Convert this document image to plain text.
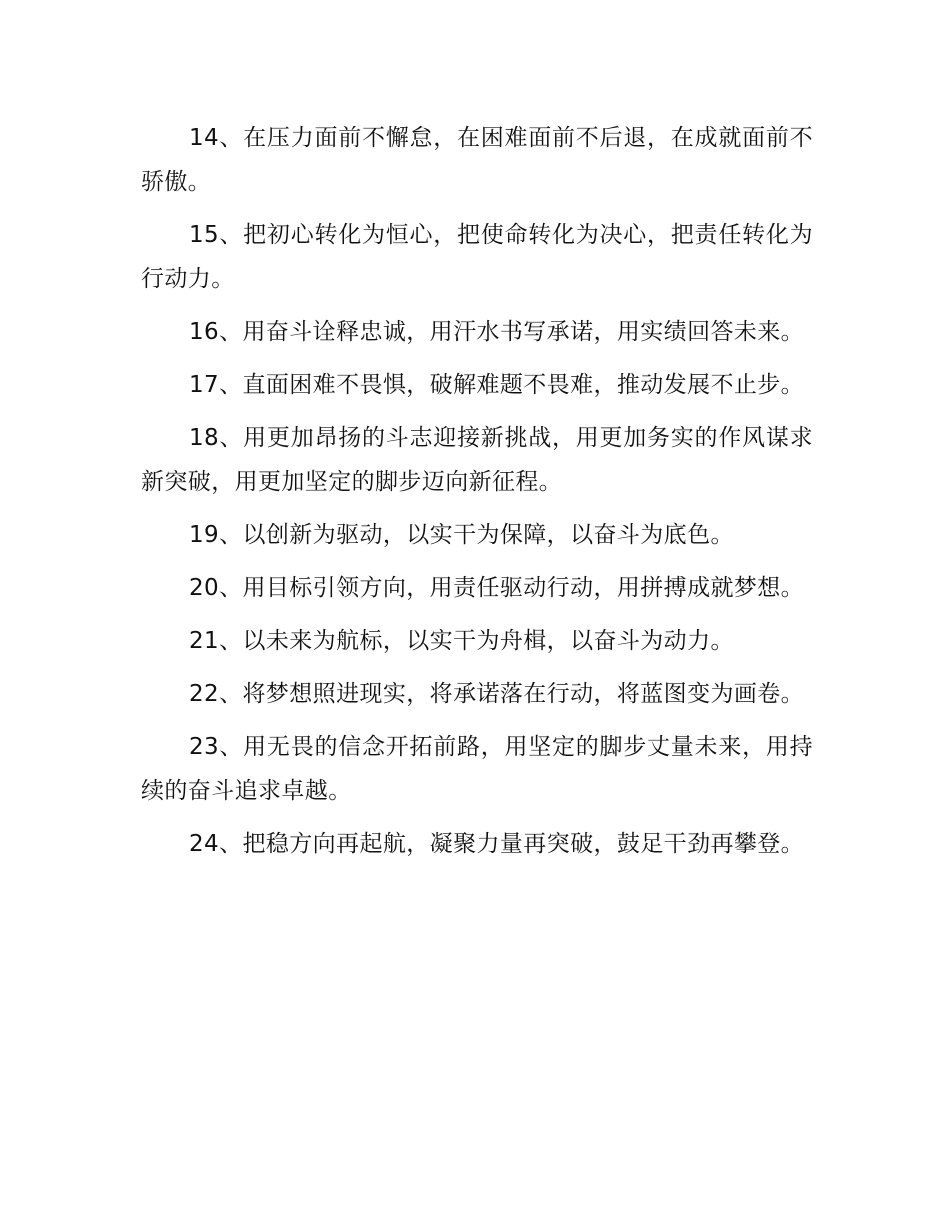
14、在压力面前不懈怠，在困难面前不后退，在成就面前不骄傲。

15、把初心转化为恒心，把使命转化为决心，把责任转化为行动力。

16、用奋斗诠释忠诚，用汗水书写承诺，用实绩回答未来。

17、直面困难不畏惧，破解难题不畏难，推动发展不止步。

18、用更加昂扬的斗志迎接新挑战，用更加务实的作风谋求新突破，用更加坚定的脚步迈向新征程。

19、以创新为驱动，以实干为保障，以奋斗为底色。

20、用目标引领方向，用责任驱动行动，用拼搏成就梦想。

21、以未来为航标，以实干为舟楫，以奋斗为动力。

22、将梦想照进现实，将承诺落在行动，将蓝图变为画卷。

23、用无畏的信念开拓前路，用坚定的脚步丈量未来，用持续的奋斗追求卓越。

24、把稳方向再起航，凝聚力量再突破，鼓足干劲再攀登。
